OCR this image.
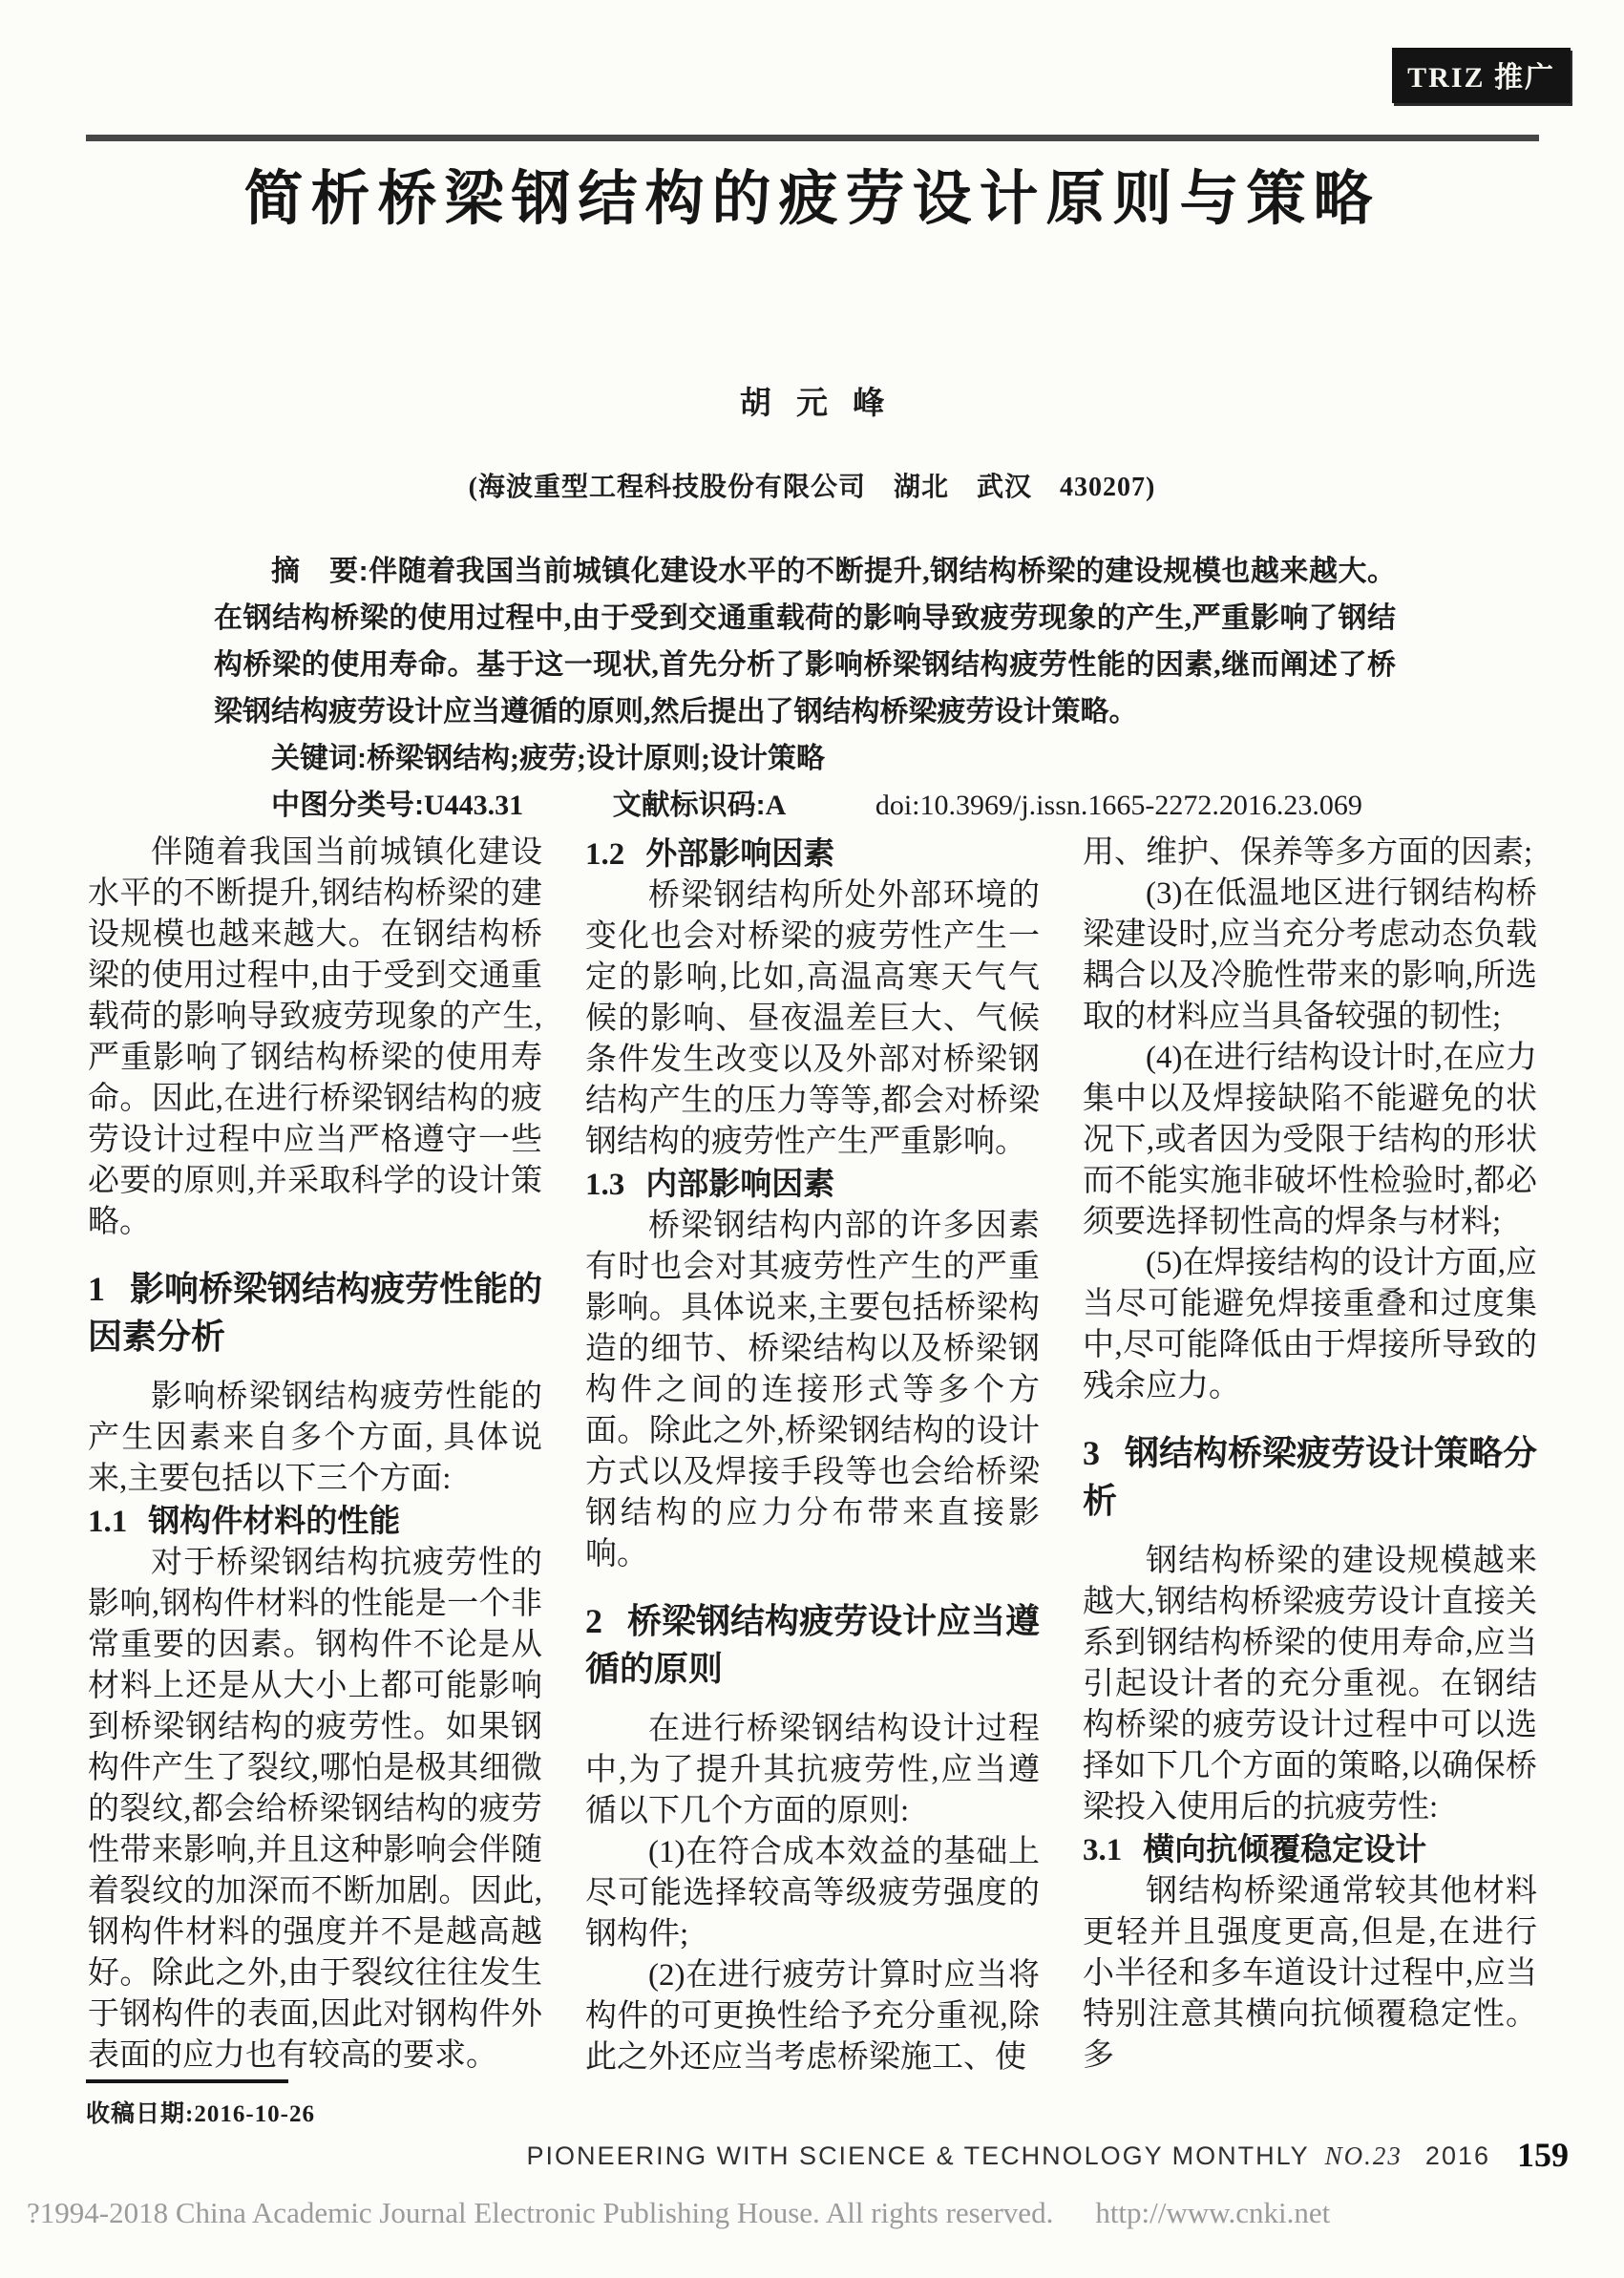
TRIZ 推广
简析桥梁钢结构的疲劳设计原则与策略
胡 元 峰
(海波重型工程科技股份有限公司　湖北　武汉　430207)

摘　要:伴随着我国当前城镇化建设水平的不断提升,钢结构桥梁的建设规模也越来越大。在钢结构桥梁的使用过程中,由于受到交通重载荷的影响导致疲劳现象的产生,严重影响了钢结构桥梁的使用寿命。基于这一现状,首先分析了影响桥梁钢结构疲劳性能的因素,继而阐述了桥梁钢结构疲劳设计应当遵循的原则,然后提出了钢结构桥梁疲劳设计策略。

关键词:桥梁钢结构;疲劳;设计原则;设计策略

中图分类号:U443.31	文献标识码:A	doi:10.3969/j.issn.1665-2272.2016.23.069

伴随着我国当前城镇化建设水平的不断提升,钢结构桥梁的建设规模也越来越大。在钢结构桥梁的使用过程中,由于受到交通重载荷的影响导致疲劳现象的产生,严重影响了钢结构桥梁的使用寿命。因此,在进行桥梁钢结构的疲劳设计过程中应当严格遵守一些必要的原则,并采取科学的设计策略。

1 影响桥梁钢结构疲劳性能的因素分析

影响桥梁钢结构疲劳性能的产生因素来自多个方面, 具体说来,主要包括以下三个方面:

1.1 钢构件材料的性能

对于桥梁钢结构抗疲劳性的影响,钢构件材料的性能是一个非常重要的因素。钢构件不论是从材料上还是从大小上都可能影响到桥梁钢结构的疲劳性。如果钢构件产生了裂纹,哪怕是极其细微的裂纹,都会给桥梁钢结构的疲劳性带来影响,并且这种影响会伴随着裂纹的加深而不断加剧。因此,钢构件材料的强度并不是越高越好。除此之外,由于裂纹往往发生于钢构件的表面,因此对钢构件外表面的应力也有较高的要求。

1.2 外部影响因素

桥梁钢结构所处外部环境的变化也会对桥梁的疲劳性产生一定的影响,比如,高温高寒天气气候的影响、昼夜温差巨大、气候条件发生改变以及外部对桥梁钢结构产生的压力等等,都会对桥梁钢结构的疲劳性产生严重影响。

1.3 内部影响因素

桥梁钢结构内部的许多因素有时也会对其疲劳性产生的严重影响。具体说来,主要包括桥梁构造的细节、桥梁结构以及桥梁钢构件之间的连接形式等多个方面。除此之外,桥梁钢结构的设计方式以及焊接手段等也会给桥梁钢结构的应力分布带来直接影响。

2 桥梁钢结构疲劳设计应当遵循的原则

在进行桥梁钢结构设计过程中,为了提升其抗疲劳性,应当遵循以下几个方面的原则:

(1)在符合成本效益的基础上尽可能选择较高等级疲劳强度的钢构件;

(2)在进行疲劳计算时应当将构件的可更换性给予充分重视,除此之外还应当考虑桥梁施工、使

用、维护、保养等多方面的因素;

(3)在低温地区进行钢结构桥梁建设时,应当充分考虑动态负载耦合以及冷脆性带来的影响,所选取的材料应当具备较强的韧性;

(4)在进行结构设计时,在应力集中以及焊接缺陷不能避免的状况下,或者因为受限于结构的形状而不能实施非破坏性检验时,都必须要选择韧性高的焊条与材料;

(5)在焊接结构的设计方面,应当尽可能避免焊接重叠和过度集中,尽可能降低由于焊接所导致的残余应力。

3 钢结构桥梁疲劳设计策略分析

钢结构桥梁的建设规模越来越大,钢结构桥梁疲劳设计直接关系到钢结构桥梁的使用寿命,应当引起设计者的充分重视。在钢结构桥梁的疲劳设计过程中可以选择如下几个方面的策略,以确保桥梁投入使用后的抗疲劳性:

3.1 横向抗倾覆稳定设计

钢结构桥梁通常较其他材料更轻并且强度更高,但是,在进行小半径和多车道设计过程中,应当特别注意其横向抗倾覆稳定性。多

收稿日期:2016-10-26
PIONEERING WITH SCIENCE & TECHNOLOGY MONTHLY NO.23 2016 159
?1994-2018 China Academic Journal Electronic Publishing House. All rights reserved. http://www.cnki.net
